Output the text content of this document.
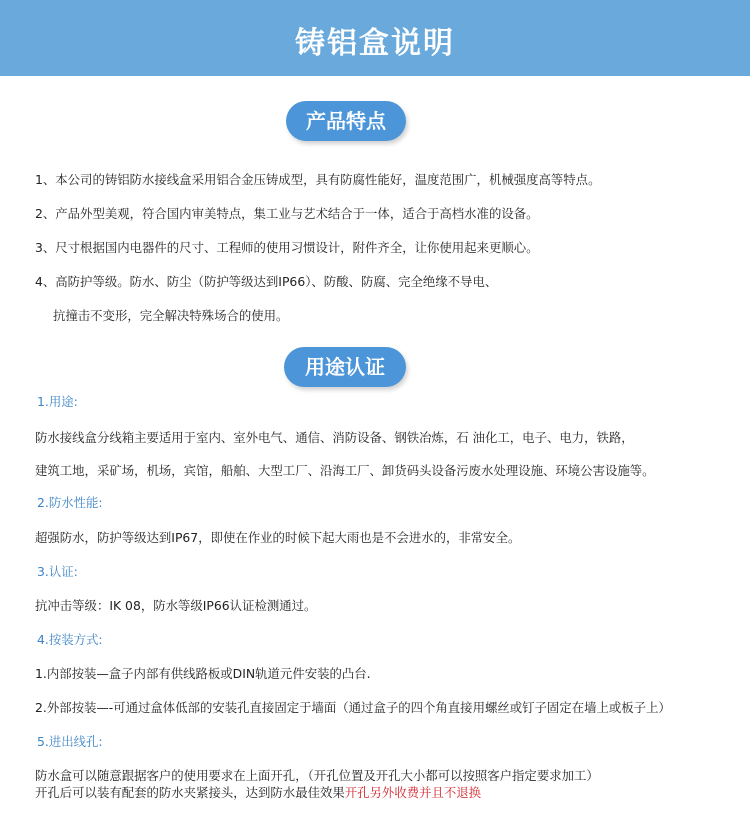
铸铝盒说明
产品特点
1、本公司的铸铝防水接线盒采用铝合金压铸成型，具有防腐性能好，温度范围广，机械强度高等特点。
2、产品外型美观，符合国内审美特点，集工业与艺术结合于一体，适合于高档水准的设备。
3、尺寸根据国内电器件的尺寸、工程师的使用习惯设计，附件齐全，让你使用起来更顺心。
4、高防护等级。防水、防尘（防护等级达到IP66）、防酸、防腐、完全绝缘不导电、
抗撞击不变形，完全解决特殊场合的使用。
用途认证
1.用途:
防水接线盒分线箱主要适用于室内、室外电气、通信、消防设备、钢铁冶炼，石 油化工，电子、电力，铁路，
建筑工地，采矿场，机场，宾馆，船舶、大型工厂、沿海工厂、卸货码头设备污废水处理设施、环境公害设施等。
2.防水性能:
超强防水，防护等级达到IP67，即使在作业的时候下起大雨也是不会进水的，非常安全。
3.认证:
抗冲击等级：IK 08，防水等级IP66认证检测通过。
4.按装方式:
1.内部按装—盒子内部有供线路板或DIN轨道元件安装的凸台.
2.外部按装—-可通过盒体低部的安装孔直接固定于墙面（通过盒子的四个角直接用螺丝或钉子固定在墙上或板子上）
5.进出线孔:
防水盒可以随意跟据客户的使用要求在上面开孔，（开孔位置及开孔大小都可以按照客户指定要求加工）
开孔后可以装有配套的防水夹紧接头，达到防水最佳效果开孔另外收费并且不退换
